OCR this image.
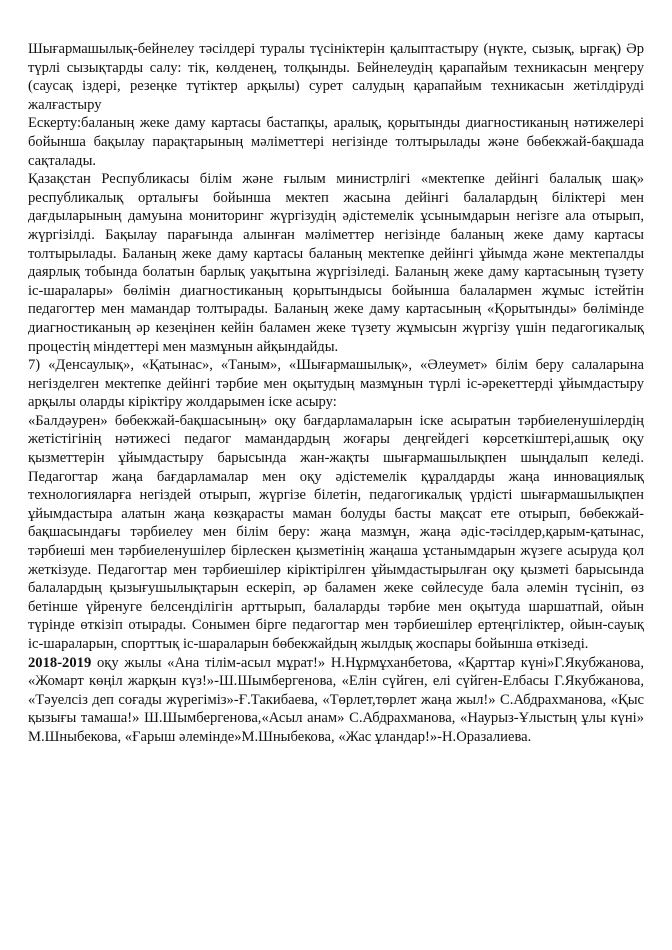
Шығармашылық-бейнелеу тәсілдері туралы түсініктерін қалыптастыру (нүкте, сызық, ырғақ) Әр түрлі сызықтарды салу: тік, көлденең, толқынды. Бейнелеудің қарапайым техникасын меңгеру (саусақ іздері, резеңке түтіктер арқылы) сурет салудың қарапайым техникасын жетілдіруді жалғастыру

Ескерту:баланың жеке даму картасы бастапқы, аралық, қорытынды диагностиканың нәтижелері бойынша бақылау парақтарының мәліметтері негізінде толтырылады және бөбекжай-бақшада сақталады.

Қазақстан Республикасы білім және ғылым министрлігі «мектепке дейінгі балалық шақ» республикалық орталығы бойынша мектеп жасына дейінгі балалардың біліктері мен дағдыларының дамуына мониторинг жүргізудің әдістемелік ұсынымдарын негізге ала отырып, жүргізілді. Бақылау парағында алынған мәліметтер негізінде баланың жеке даму картасы толтырылады. Баланың жеке даму картасы баланың мектепке дейінгі ұйымда және мектепалды даярлық тобында болатын барлық уақытына жүргізіледі. Баланың жеке даму картасының түзету іс-шаралары» бөлімін диагностиканың қорытындысы бойынша балалармен жұмыс істейтін педагогтер мен мамандар толтырады. Баланың жеке даму картасының «Қорытынды» бөлімінде диагностиканың әр кезеңінен кейін баламен жеке түзету жұмысын жүргізу үшін педагогикалық процестің міндеттері мен мазмұнын айқындайды.

7) «Денсаулық», «Қатынас», «Таным», «Шығармашылық», «Әлеумет» білім беру салаларына негізделген мектепке дейінгі тәрбие мен оқытудың мазмұнын түрлі іс-әрекеттерді ұйымдастыру арқылы оларды кіріктіру жолдарымен іске асыру:

«Балдәурен» бөбекжай-бақшасының» оқу бағдарламаларын іске асыратын тәрбиеленушілердің жетістігінің нәтижесі педагог мамандардың жоғары деңгейдегі көрсеткіштері,ашық оқу қызметтерін ұйымдастыру барысында жан-жақты шығармашылықпен шыңдалып келеді. Педагогтар жаңа бағдарламалар мен оқу әдістемелік құралдарды жаңа инновациялық технологияларға негіздей отырып, жүргізе білетін, педагогикалық үрдісті шығармашылықпен ұйымдастыра алатын жаңа көзқарасты маман болуды басты мақсат ете отырып, бөбекжай-бақшасындағы тәрбиелеу мен білім беру: жаңа мазмұн, жаңа әдіс-тәсілдер,қарым-қатынас, тәрбиеші мен тәрбиеленушілер бірлескен қызметінің жаңаша ұстанымдарын жүзеге асыруда қол жеткізуде. Педагогтар мен тәрбиешілер кіріктірілген ұйымдастырылған оқу қызметі барысында балалардың қызығушылықтарын ескеріп, әр баламен жеке сөйлесуде бала әлемін түсініп, өз бетінше үйренуге белсенділігін арттырып, балаларды тәрбие мен оқытуда шаршатпай, ойын түрінде өткізіп отырады. Сонымен бірге педагогтар мен тәрбиешілер ертеңгіліктер, ойын-сауық іс-шараларын, спорттық іс-шараларын бөбекжайдың жылдық жоспары бойынша өткізеді.

2018-2019 оқу жылы «Ана тілім-асыл мұрат!» Н.Нұрмұханбетова, «Қарттар күні»Г.Якубжанова, «Жомарт көңіл жарқын күз!»-Ш.Шымбергенова, «Елін сүйген, елі сүйген-Елбасы Г.Якубжанова, «Тәуелсіз деп соғады жүрегіміз»-Ғ.Такибаева, «Төрлет,төрлет жаңа жыл!» С.Абдрахманова, «Қыс қызығы тамаша!» Ш.Шымбергенова,«Асыл анам» С.Абдрахманова, «Наурыз-Ұлыстың ұлы күні» М.Шныбекова, «Ғарыш әлемінде»М.Шныбекова, «Жас ұландар!»-Н.Оразалиева.
